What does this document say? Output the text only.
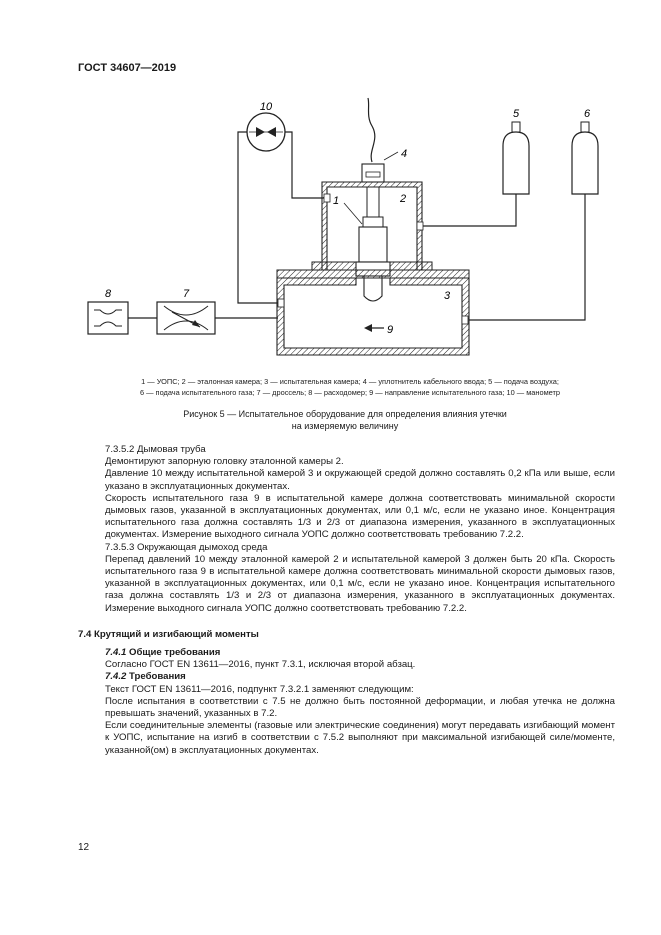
ГОСТ 34607—2019
10
1	2
3
4
5	6
7
8
9
1 — УОПС; 2 — эталонная камера; 3 — испытательная камера; 4 — уплотнитель кабельного ввода; 5 — подача воздуха;
6 — подача испытательного газа; 7 — дроссель; 8 — расходомер; 9 — направление испытательного газа; 10 — манометр
Рисунок 5 — Испытательное оборудование для определения влияния утечки
на измеряемую величину

7.3.5.2 Дымовая труба

Демонтируют запорную головку эталонной камеры 2.

Давление 10 между испытательной камерой 3 и окружающей средой должно составлять 0,2 кПа или выше, если указано в эксплуатационных документах.

Скорость испытательного газа 9 в испытательной камере должна соответствовать минимальной скорости дымовых газов, указанной в эксплуатационных документах, или 0,1 м/с, если не указано иное. Концентрация испытательного газа должна составлять 1/3 и 2/3 от диапазона измерения, указанного в эксплуатационных документах. Измерение выходного сигнала УОПС должно соответствовать требованию 7.2.2.

7.3.5.3 Окружающая дымоход среда

Перепад давлений 10 между эталонной камерой 2 и испытательной камерой 3 должен быть 20 кПа. Скорость испытательного газа 9 в испытательной камере должна соответствовать минимальной скорости дымовых газов, указанной в эксплуатационных документах, или 0,1 м/с, если не указано иное. Концентрация испытательного газа должна составлять 1/3 и 2/3 от диапазона измерения, указанного в эксплуатационных документах. Измерение выходного сигнала УОПС должно соответствовать требованию 7.2.2.

7.4 Крутящий и изгибающий моменты

7.4.1 Общие требования

Согласно ГОСТ EN 13611—2016, пункт 7.3.1, исключая второй абзац.

7.4.2 Требования

Текст ГОСТ EN 13611—2016, подпункт 7.3.2.1 заменяют следующим:

После испытания в соответствии с 7.5 не должно быть постоянной деформации, и любая утечка не должна превышать значений, указанных в 7.2.

Если соединительные элементы (газовые или электрические соединения) могут передавать изгибающий момент к УОПС, испытание на изгиб в соответствии с 7.5.2 выполняют при максимальной изгибающей силе/моменте, указанной(ом) в эксплуатационных документах.

12
